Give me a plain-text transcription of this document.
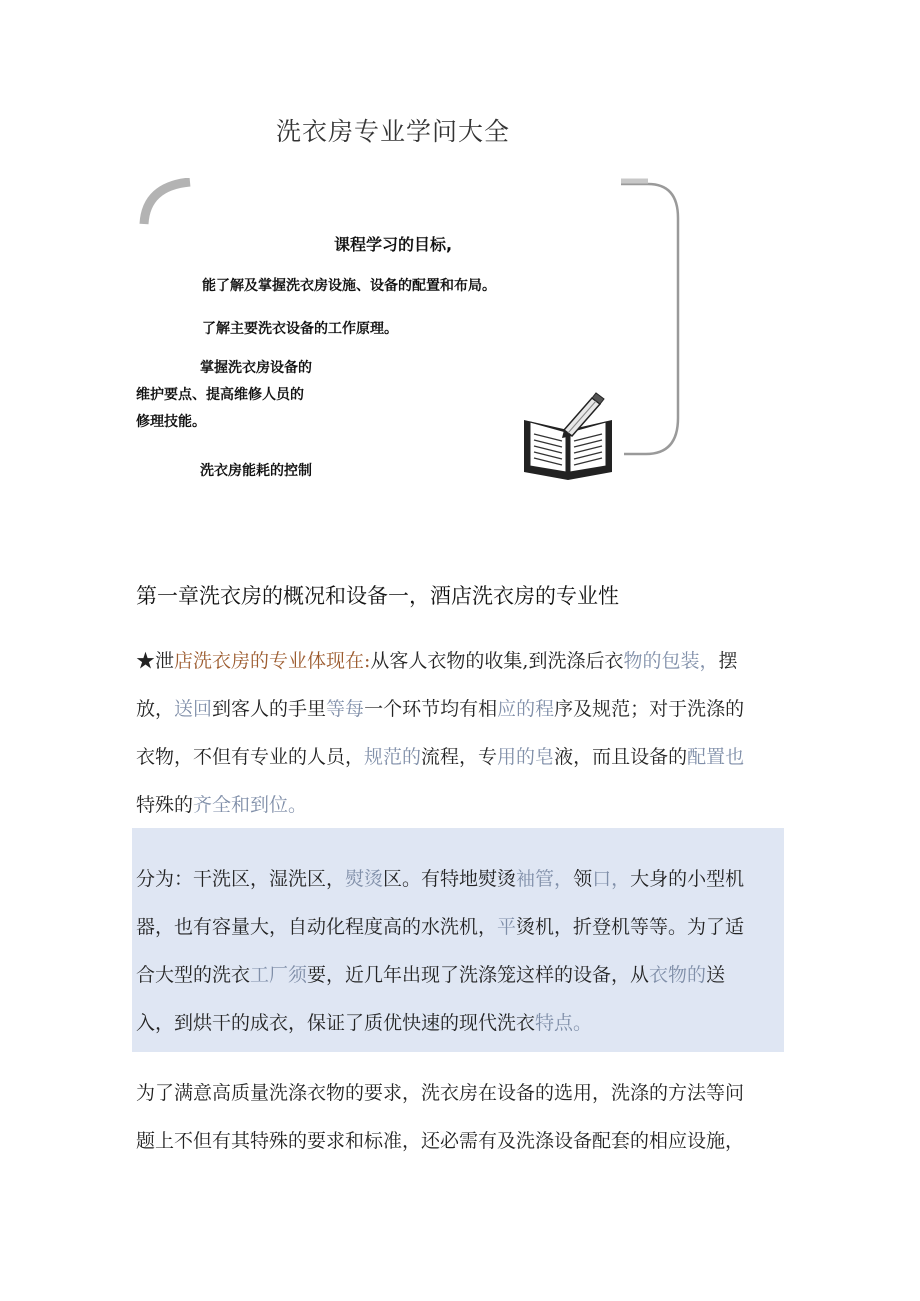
洗衣房专业学问大全
课程学习的目标,
能了解及掌握洗衣房设施、设备的配置和布局。
了解主要洗衣设备的工作原理。
掌握洗衣房设备的
维护要点、提高维修人员的
修理技能。
洗衣房能耗的控制
第一章洗衣房的概况和设备一，酒店洗衣房的专业性
★泄店洗衣房的专业体现在:从客人衣物的收集,到洗涤后衣物的包装，摆
放，送回到客人的手里等每一个环节均有相应的程序及规范；对于洗涤的
衣物，不但有专业的人员，规范的流程，专用的皂液，而且设备的配置也
特殊的齐全和到位。
分为：干洗区，湿洗区，熨烫区。有特地熨烫袖管，领口，大身的小型机
器，也有容量大，自动化程度高的水洗机，平烫机，折登机等等。为了适
合大型的洗衣工厂须要，近几年出现了洗涤笼这样的设备，从衣物的送
入，到烘干的成衣，保证了质优快速的现代洗衣特点。
为了满意高质量洗涤衣物的要求，洗衣房在设备的选用，洗涤的方法等问
题上不但有其特殊的要求和标准，还必需有及洗涤设备配套的相应设施，
